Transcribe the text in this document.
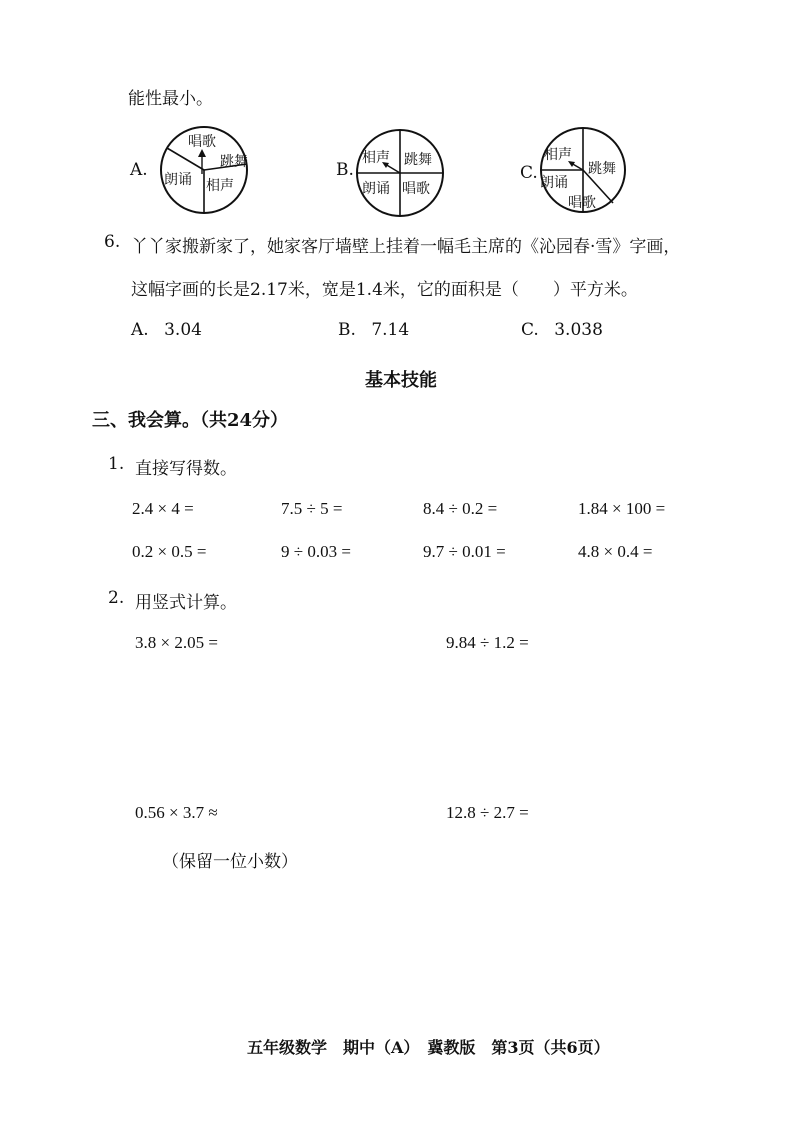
能性最小。
A.
唱歌
跳舞
相声
朗诵	B.
相声 跳舞
朗诵 唱歌
C.
相声
跳舞
朗诵
唱歌
6. 丫丫家搬新家了，她家客厅墙壁上挂着一幅毛主席的《沁园春·雪》字画，
这幅字画的长是2.17米，宽是1.4米，它的面积是（　　）平方米。
A. 3.04	B. 7.14	C. 3.038
基本技能
三、我会算。（共24分）
1. 直接写得数。
2.4 × 4 =	7.5 ÷ 5 =	8.4 ÷ 0.2 =	1.84 × 100 =
0.2 × 0.5 =	9 ÷ 0.03 =	9.7 ÷ 0.01 =	4.8 × 0.4 =
2. 用竖式计算。
3.8 × 2.05 =	9.84 ÷ 1.2 =
0.56 × 3.7 ≈	12.8 ÷ 2.7 =
（保留一位小数）
五年级数学　期中（A）　冀教版　第3页（共6页）
